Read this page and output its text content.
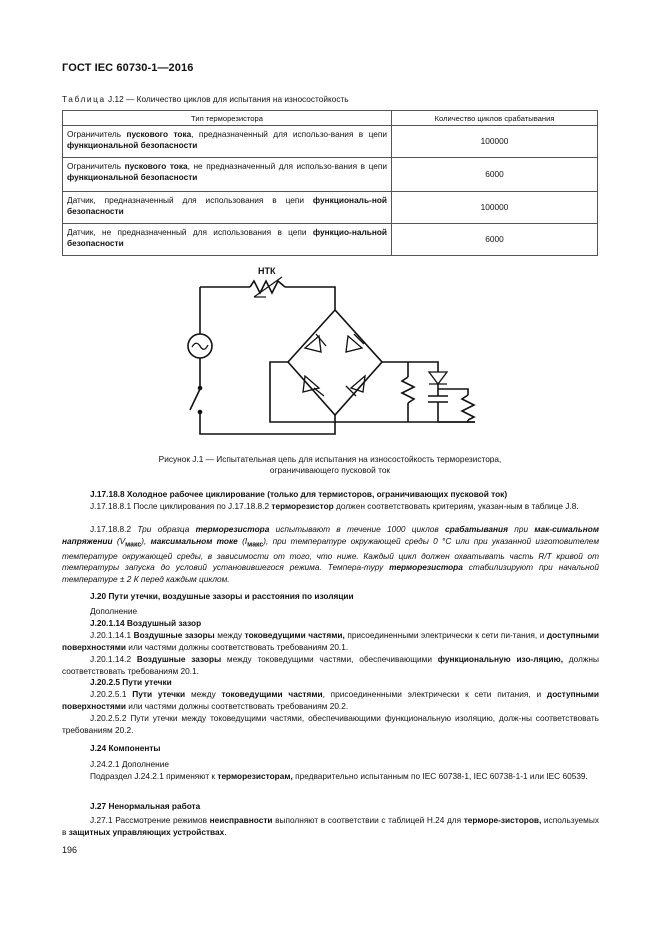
ГОСТ IEC 60730-1—2016
Таблица J.12 — Количество циклов для испытания на износостойкость
Тип терморезистора	Количество циклов срабатывания
Ограничитель пускового тока, предназначенный для использо-вания в цепи функциональной безопасности	100000
Ограничитель пускового тока, не предназначенный для использо-вания в цепи функциональной безопасности	6000
Датчик, предназначенный для использования в цепи функциональ-ной безопасности	100000
Датчик, не предназначенный для использования в цепи функцио-нальной безопасности	6000
НТК
Рисунок J.1 — Испытательная цепь для испытания на износостойкость терморезистора,
ограничивающего пусковой ток
J.17.18.8 Холодное рабочее циклирование (только для термисторов, ограничивающих пусковой ток)

J.17.18.8.1 После циклирования по J.17.18.8.2 терморезистор должен соответствовать критериям, указан-ным в таблице J.8.

J.17.18.8.2 Три образца терморезистора испытывают в течение 1000 циклов срабатывания при мак-симальном напряжении $(V_{макс})$, максимальном токе $(I_{макс})$, при температуре окружающей среды 0 °С или при указанной изготовителем температуре окружающей среды, в зависимости от того, что ниже. Каждый цикл должен охватывать часть R/T кривой от температуры запуска до условий установившегося режима. Темпера-туру терморезистора стабилизируют при начальной температуре ± 2 К перед каждым циклом.

J.20 Пути утечки, воздушные зазоры и расстояния по изоляции
Дополнение
J.20.1.14 Воздушный зазор

J.20.1.14.1 Воздушные зазоры между токоведущими частями, присоединенными электрически к сети пи-тания, и доступными поверхностями или частями должны соответствовать требованиям 20.1.

J.20.1.14.2 Воздушные зазоры между токоведущими частями, обеспечивающими функциональную изо-ляцию, должны соответствовать требованиям 20.1.

J.20.2.5 Пути утечки

J.20.2.5.1 Пути утечки между токоведущими частями, присоединенными электрически к сети питания, и доступными поверхностями или частями должны соответствовать требованиям 20.2.

J.20.2.5.2 Пути утечки между токоведущими частями, обеспечивающими функциональную изоляцию, долж-ны соответствовать требованиям 20.2.

J.24 Компоненты
J.24.2.1 Дополнение

Подраздел J.24.2.1 применяют к терморезисторам, предварительно испытанным по IEC 60738-1, IEC 60738-1-1 или IEC 60539.

J.27 Ненормальная работа

J.27.1 Рассмотрение режимов неисправности выполняют в соответствии с таблицей Н.24 для терморе-зисторов, используемых в защитных управляющих устройствах.

196
